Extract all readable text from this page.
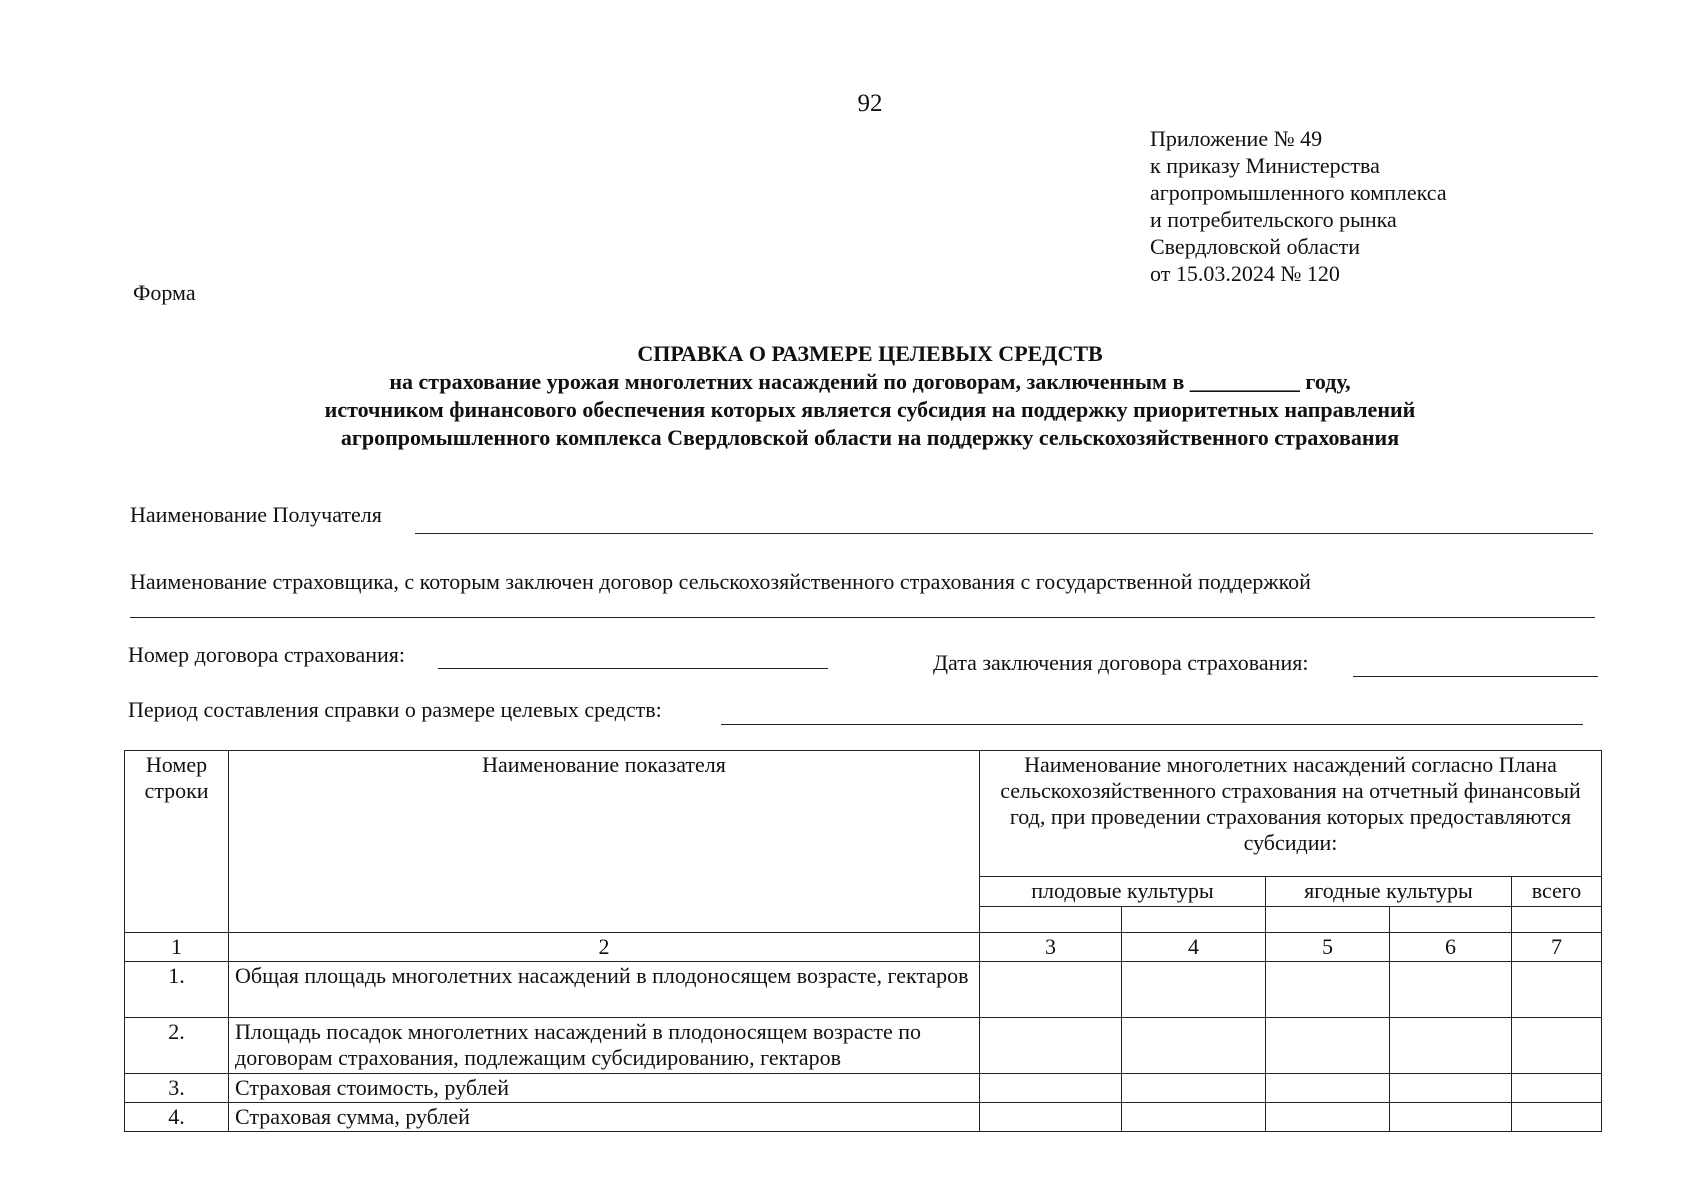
92
Приложение № 49
к приказу Министерства
агропромышленного комплекса
и потребительского рынка
Свердловской области
от 15.03.2024 № 120
Форма
СПРАВКА О РАЗМЕРЕ ЦЕЛЕВЫХ СРЕДСТВ
на страхование урожая многолетних насаждений по договорам, заключенным в __________ году,
источником финансового обеспечения которых является субсидия на поддержку приоритетных направлений
агропромышленного комплекса Свердловской области на поддержку сельскохозяйственного страхования
Наименование Получателя
Наименование страховщика, с которым заключен договор сельскохозяйственного страхования с государственной поддержкой
Номер договора страхования:	Дата заключения договора страхования:
Период составления справки о размере целевых средств:
Номер строки	Наименование показателя	Наименование многолетних насаждений согласно Плана сельскохозяйственного страхования на отчетный финансовый год, при проведении страхования которых предоставляются субсидии:				
		плодовые культуры		ягодные культуры		всего

1	2	3	4	5	6	7
1.	Общая площадь многолетних насаждений в плодоносящем возрасте, гектаров					
2.	Площадь посадок многолетних насаждений в плодоносящем возрасте по договорам страхования, подлежащим субсидированию, гектаров					
3.	Страховая стоимость, рублей					
4.	Страховая сумма, рублей					
